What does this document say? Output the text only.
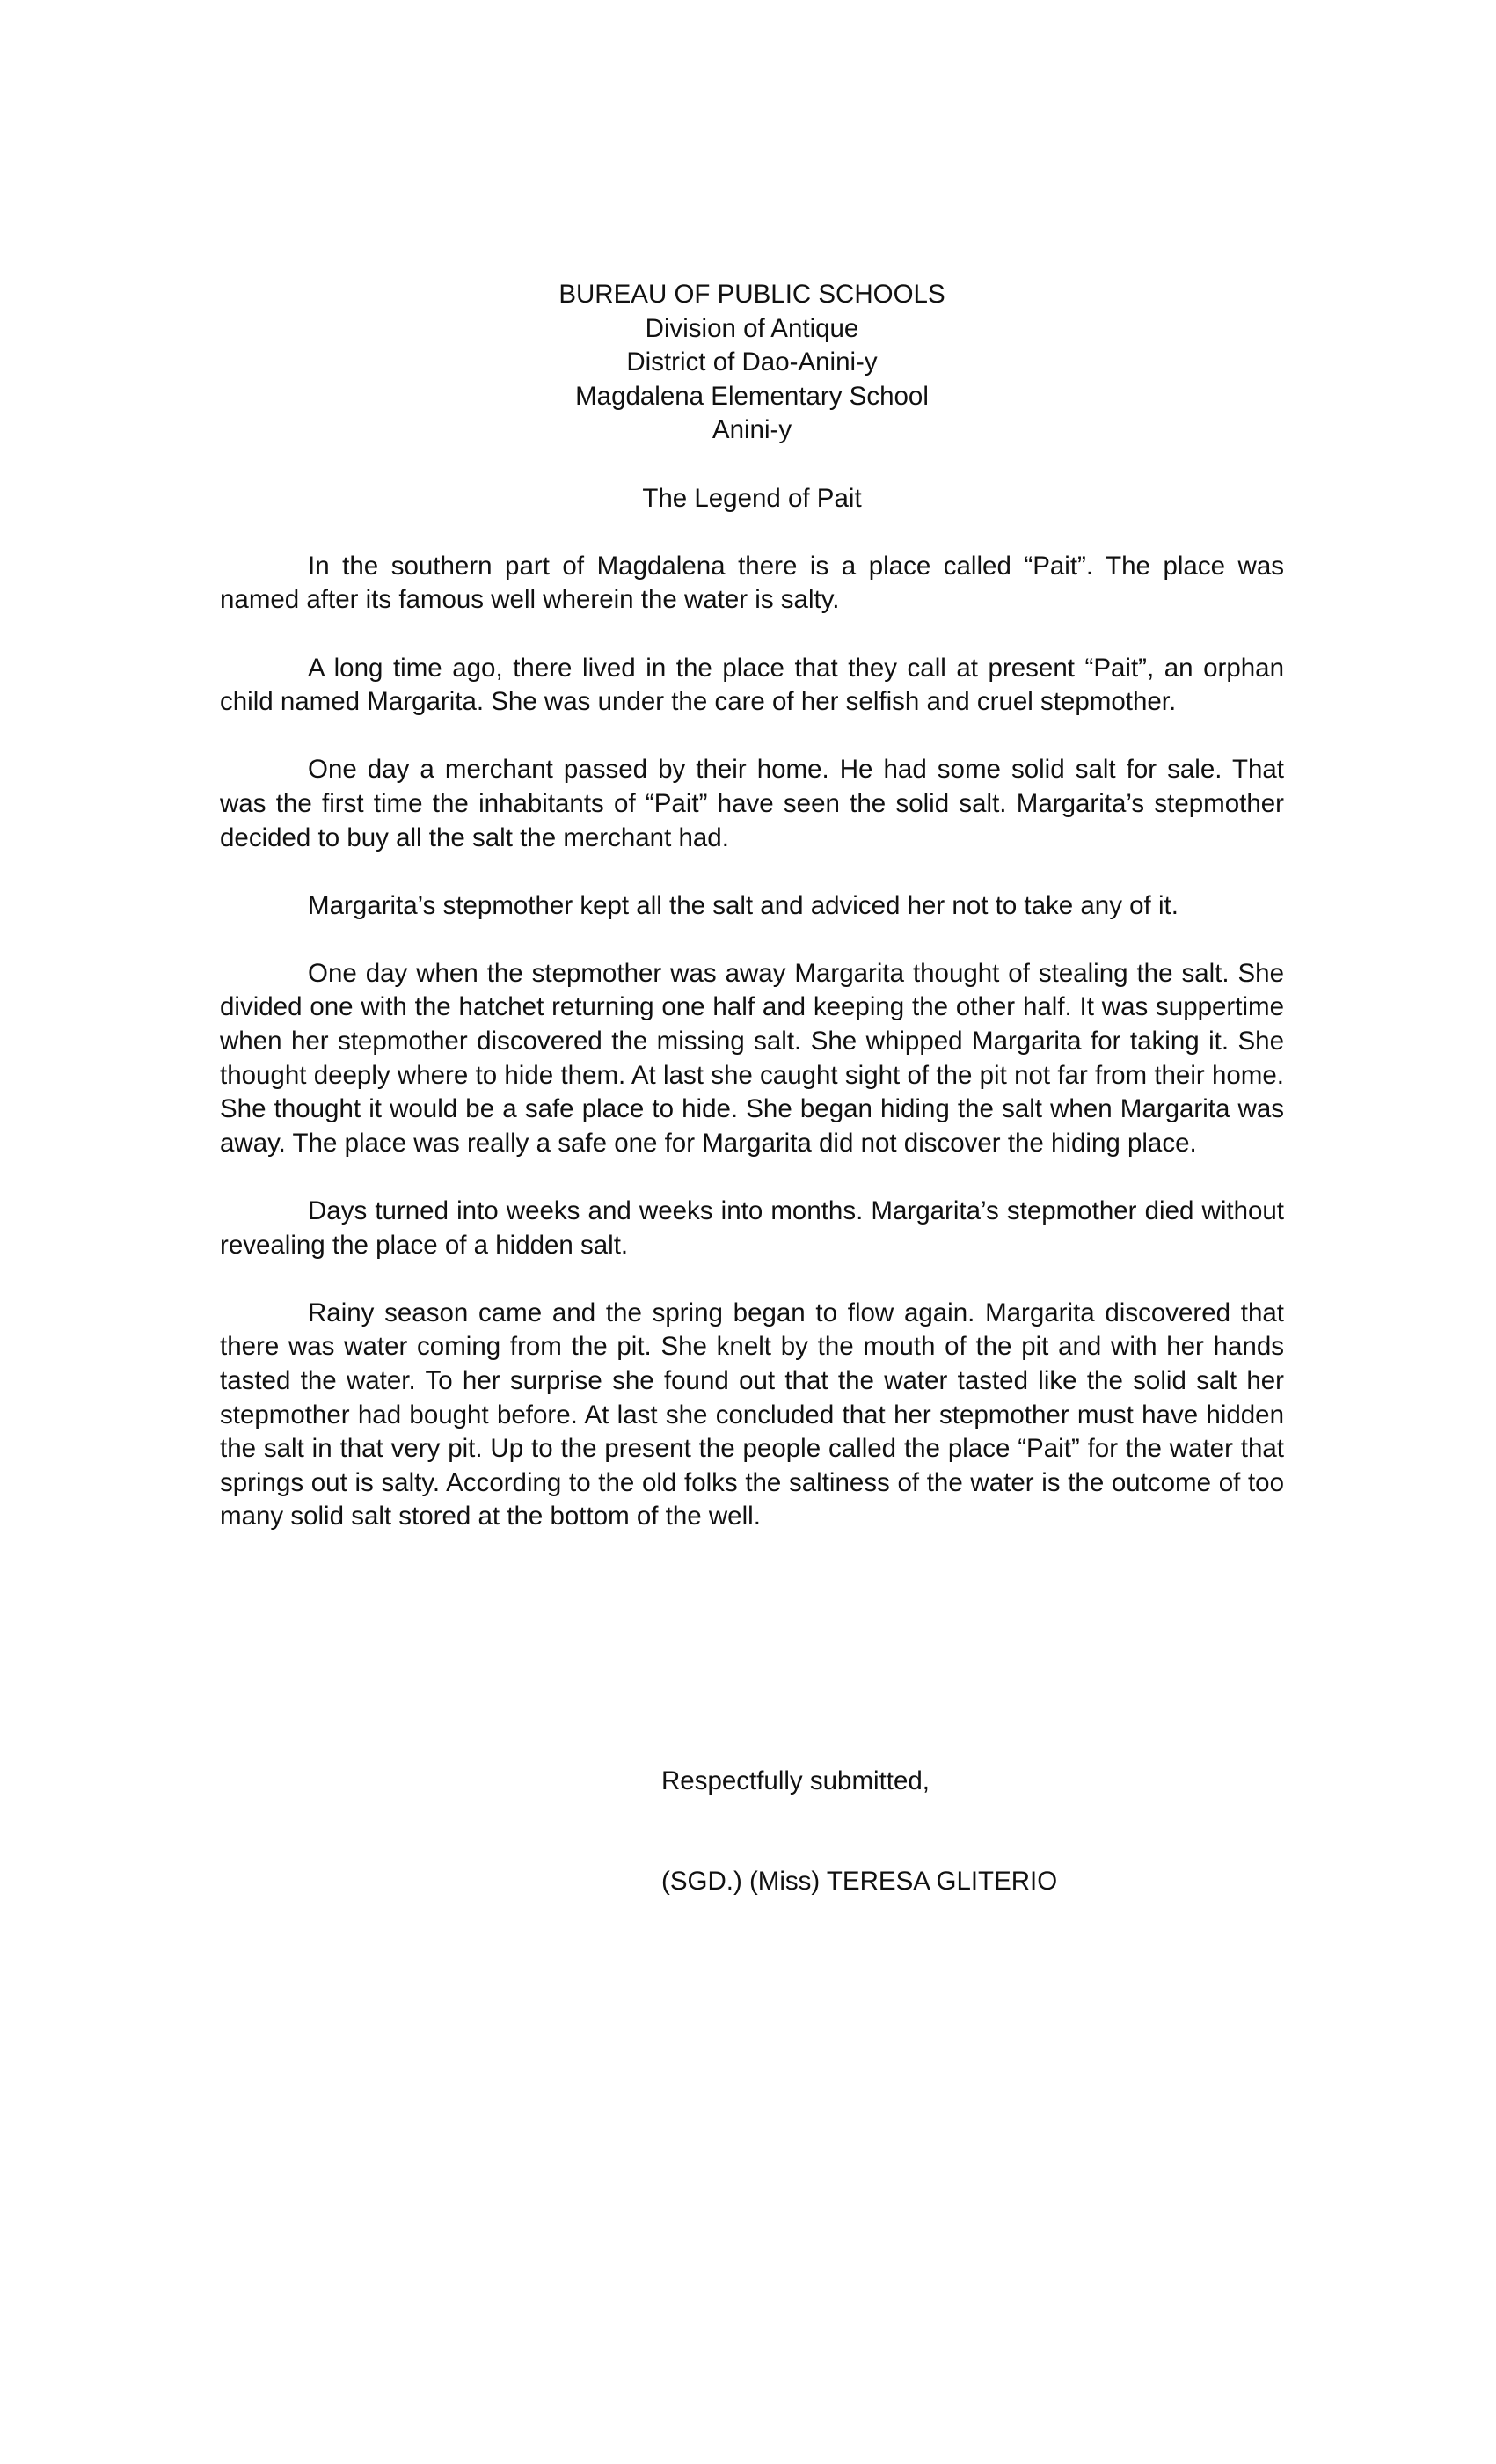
BUREAU OF PUBLIC SCHOOLS
Division of Antique
District of Dao-Anini-y
Magdalena Elementary School
Anini-y
The Legend of Pait

In the southern part of Magdalena there is a place called “Pait”. The place was named after its famous well wherein the water is salty.

A long time ago, there lived in the place that they call at present “Pait”, an orphan child named Margarita. She was under the care of her selfish and cruel stepmother.

One day a merchant passed by their home. He had some solid salt for sale. That was the first time the inhabitants of “Pait” have seen the solid salt. Margarita’s stepmother decided to buy all the salt the merchant had.

Margarita’s stepmother kept all the salt and adviced her not to take any of it.

One day when the stepmother was away Margarita thought of stealing the salt. She divided one with the hatchet returning one half and keeping the other half. It was suppertime when her stepmother discovered the missing salt. She whipped Margarita for taking it. She thought deeply where to hide them. At last she caught sight of the pit not far from their home. She thought it would be a safe place to hide. She began hiding the salt when Margarita was away. The place was really a safe one for Margarita did not discover the hiding place.

Days turned into weeks and weeks into months. Margarita’s stepmother died without revealing the place of a hidden salt.

Rainy season came and the spring began to flow again. Margarita discovered that there was water coming from the pit. She knelt by the mouth of the pit and with her hands tasted the water. To her surprise she found out that the water tasted like the solid salt her stepmother had bought before. At last she concluded that her stepmother must have hidden the salt in that very pit. Up to the present the people called the place “Pait” for the water that springs out is salty. According to the old folks the saltiness of the water is the outcome of too many solid salt stored at the bottom of the well.

Respectfully submitted,
(SGD.) (Miss) TERESA GLITERIO
